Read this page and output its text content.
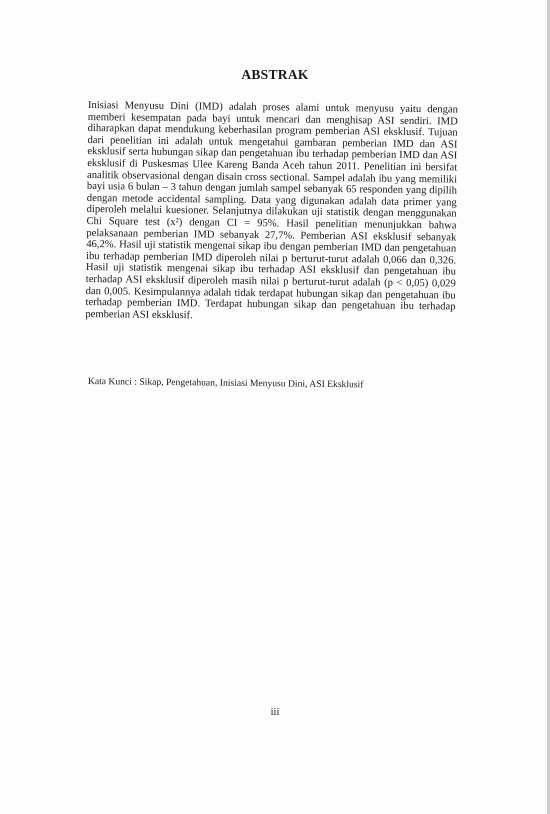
ABSTRAK
Inisiasi Menyusu Dini (IMD) adalah proses alami untuk menyusu yaitu dengan memberi kesempatan pada bayi untuk mencari dan menghisap ASI sendiri. IMD diharapkan dapat mendukung keberhasilan program pemberian ASI eksklusif. Tujuan dari penelitian ini adalah untuk mengetahui gambaran pemberian IMD dan ASI eksklusif serta hubungan sikap dan pengetahuan ibu terhadap pemberian IMD dan ASI eksklusif di Puskesmas Ulee Kareng Banda Aceh tahun 2011. Penelitian ini bersifat analitik observasional dengan disain cross sectional. Sampel adalah ibu yang memiliki bayi usia 6 bulan – 3 tahun dengan jumlah sampel sebanyak 65 responden yang dipilih dengan metode accidental sampling. Data yang digunakan adalah data primer yang diperoleh melalui kuesioner. Selanjutnya dilakukan uji statistik dengan menggunakan Chi Square test (x²) dengan CI = 95%. Hasil penelitian menunjukkan bahwa pelaksanaan pemberian IMD sebanyak 27,7%. Pemberian ASI eksklusif sebanyak 46,2%. Hasil uji statistik mengenai sikap ibu dengan pemberian IMD dan pengetahuan ibu terhadap pemberian IMD diperoleh nilai p berturut-turut adalah 0,066 dan 0,326. Hasil uji statistik mengenai sikap ibu terhadap ASI eksklusif dan pengetahuan ibu terhadap ASI eksklusif diperoleh masih nilai p berturut-turut adalah (p < 0,05) 0,029 dan 0,005. Kesimpulannya adalah tidak terdapat hubungan sikap dan pengetahuan ibu terhadap pemberian IMD. Terdapat hubungan sikap dan pengetahuan ibu terhadap pemberian ASI eksklusif.
Kata Kunci : Sikap, Pengetahuan, Inisiasi Menyusu Dini, ASI Eksklusif
iii
